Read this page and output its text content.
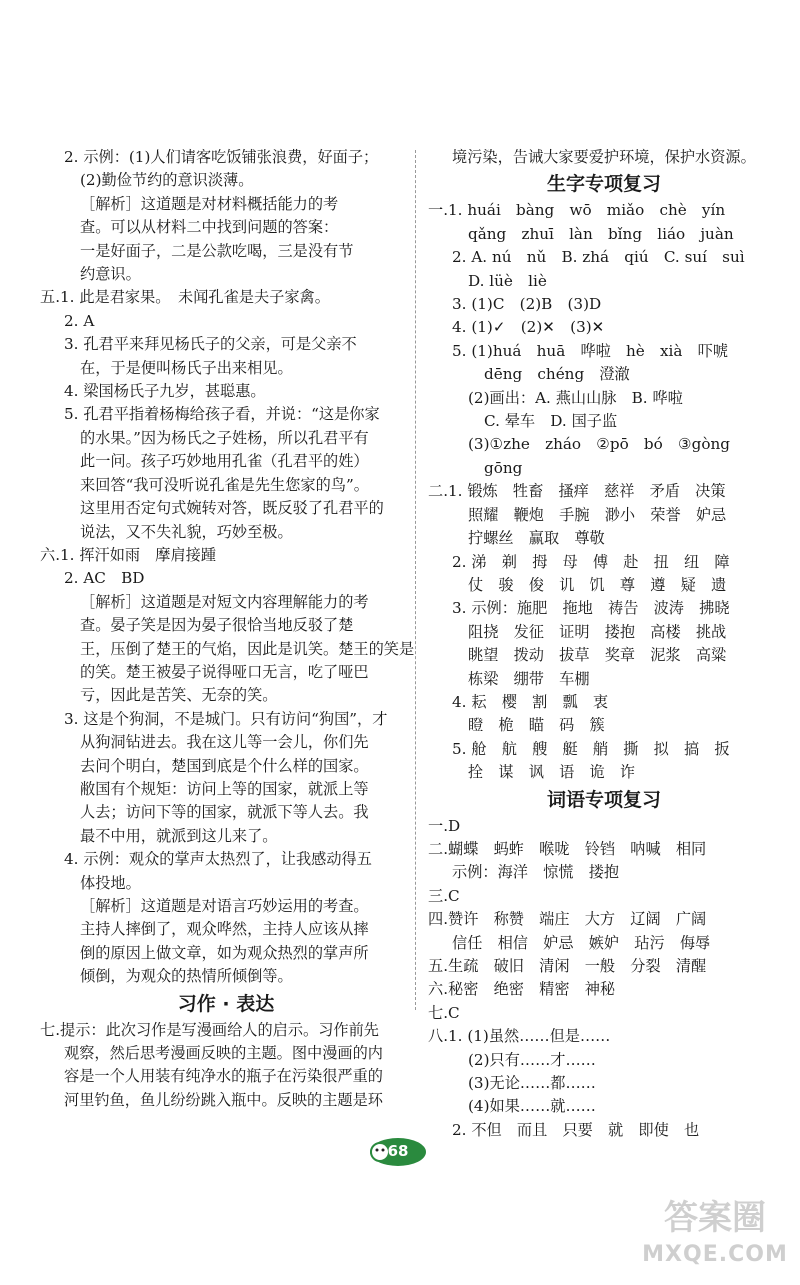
2. 示例：(1)人们请客吃饭铺张浪费，好面子；
(2)勤俭节约的意识淡薄。
［解析］这道题是对材料概括能力的考
查。可以从材料二中找到问题的答案：
一是好面子，二是公款吃喝，三是没有节
约意识。
五.1. 此是君家果。　未闻孔雀是夫子家禽。
2. A
3. 孔君平来拜见杨氏子的父亲，可是父亲不
在，于是便叫杨氏子出来相见。
4. 梁国杨氏子九岁，甚聪惠。
5. 孔君平指着杨梅给孩子看，并说：“这是你家
的水果。”因为杨氏之子姓杨，所以孔君平有
此一问。孩子巧妙地用孔雀（孔君平的姓）
来回答“我可没听说孔雀是先生您家的鸟”。
这里用否定句式婉转对答，既反驳了孔君平的
说法，又不失礼貌，巧妙至极。
六.1. 挥汗如雨　摩肩接踵
2. AC　BD
［解析］这道题是对短文内容理解能力的考
查。晏子笑是因为晏子很恰当地反驳了楚
王，压倒了楚王的气焰，因此是讥笑。楚王的笑是
的笑。楚王被晏子说得哑口无言，吃了哑巴
亏，因此是苦笑、无奈的笑。
3. 这是个狗洞，不是城门。只有访问“狗国”，才
从狗洞钻进去。我在这儿等一会儿，你们先
去问个明白，楚国到底是个什么样的国家。
敝国有个规矩：访问上等的国家，就派上等
人去；访问下等的国家，就派下等人去。我
最不中用，就派到这儿来了。
4. 示例：观众的掌声太热烈了，让我感动得五
体投地。
［解析］这道题是对语言巧妙运用的考查。
主持人摔倒了，观众哗然，主持人应该从摔
倒的原因上做文章，如为观众热烈的掌声所
倾倒，为观众的热情所倾倒等。
习作 · 表达
七.提示：此次习作是写漫画给人的启示。习作前先
观察，然后思考漫画反映的主题。图中漫画的内
容是一个人用装有纯净水的瓶子在污染很严重的
河里钓鱼，鱼儿纷纷跳入瓶中。反映的主题是环
境污染，告诫大家要爱护环境，保护水资源。
生字专项复习
一.1. huái　bàng　wō　miǎo　chè　yín
qǎng　zhuī　làn　bǐng　liáo　juàn
2. A. nú　nǔ　B. zhá　qiú　C. suí　suì
D. lüè　liè
3. (1)C　(2)B　(3)D
4. (1)✓　(2)✕　(3)✕
5. (1)huá　huā　哗啦　hè　xià　吓唬
dēng　chéng　澄澈
(2)画出：A. 燕山山脉　B. 哗啦
C. 晕车　D. 国子监
(3)①zhe　zháo　②pō　bó　③gòng
gōng
二.1. 锻炼　牲畜　搔痒　慈祥　矛盾　决策
照耀　鞭炮　手腕　渺小　荣誉　妒忌
拧螺丝　赢取　尊敬
2. 涕　剃　拇　母　傅　赴　扭　纽　障
仗　骏　俊　讥　饥　尊　遵　疑　遗
3. 示例：施肥　拖地　祷告　波涛　拂晓
阻挠　发征　证明　搂抱　高楼　挑战
眺望　拨动　拔草　奖章　泥浆　高粱
栋梁　绷带　车棚
4. 耘　樱　割　瓢　衷
瞪　桅　瞄　码　簇
5. 舱　航　艘　艇　艄　撕　拟　搞　扳
拴　谋　讽　语　诡　诈
词语专项复习
一.D
二.蝴蝶　蚂蚱　喉咙　铃铛　呐喊　相同
示例：海洋　惊慌　搂抱
三.C
四.赞许　称赞　端庄　大方　辽阔　广阔
信任　相信　妒忌　嫉妒　玷污　侮辱
五.生疏　破旧　清闲　一般　分裂　清醒
六.秘密　绝密　精密　神秘
七.C
八.1. (1)虽然……但是……
(2)只有……才……
(3)无论……都……
(4)如果……就……
2. 不但　而且　只要　就　即使　也
68
答案圈
MXQE.COM
